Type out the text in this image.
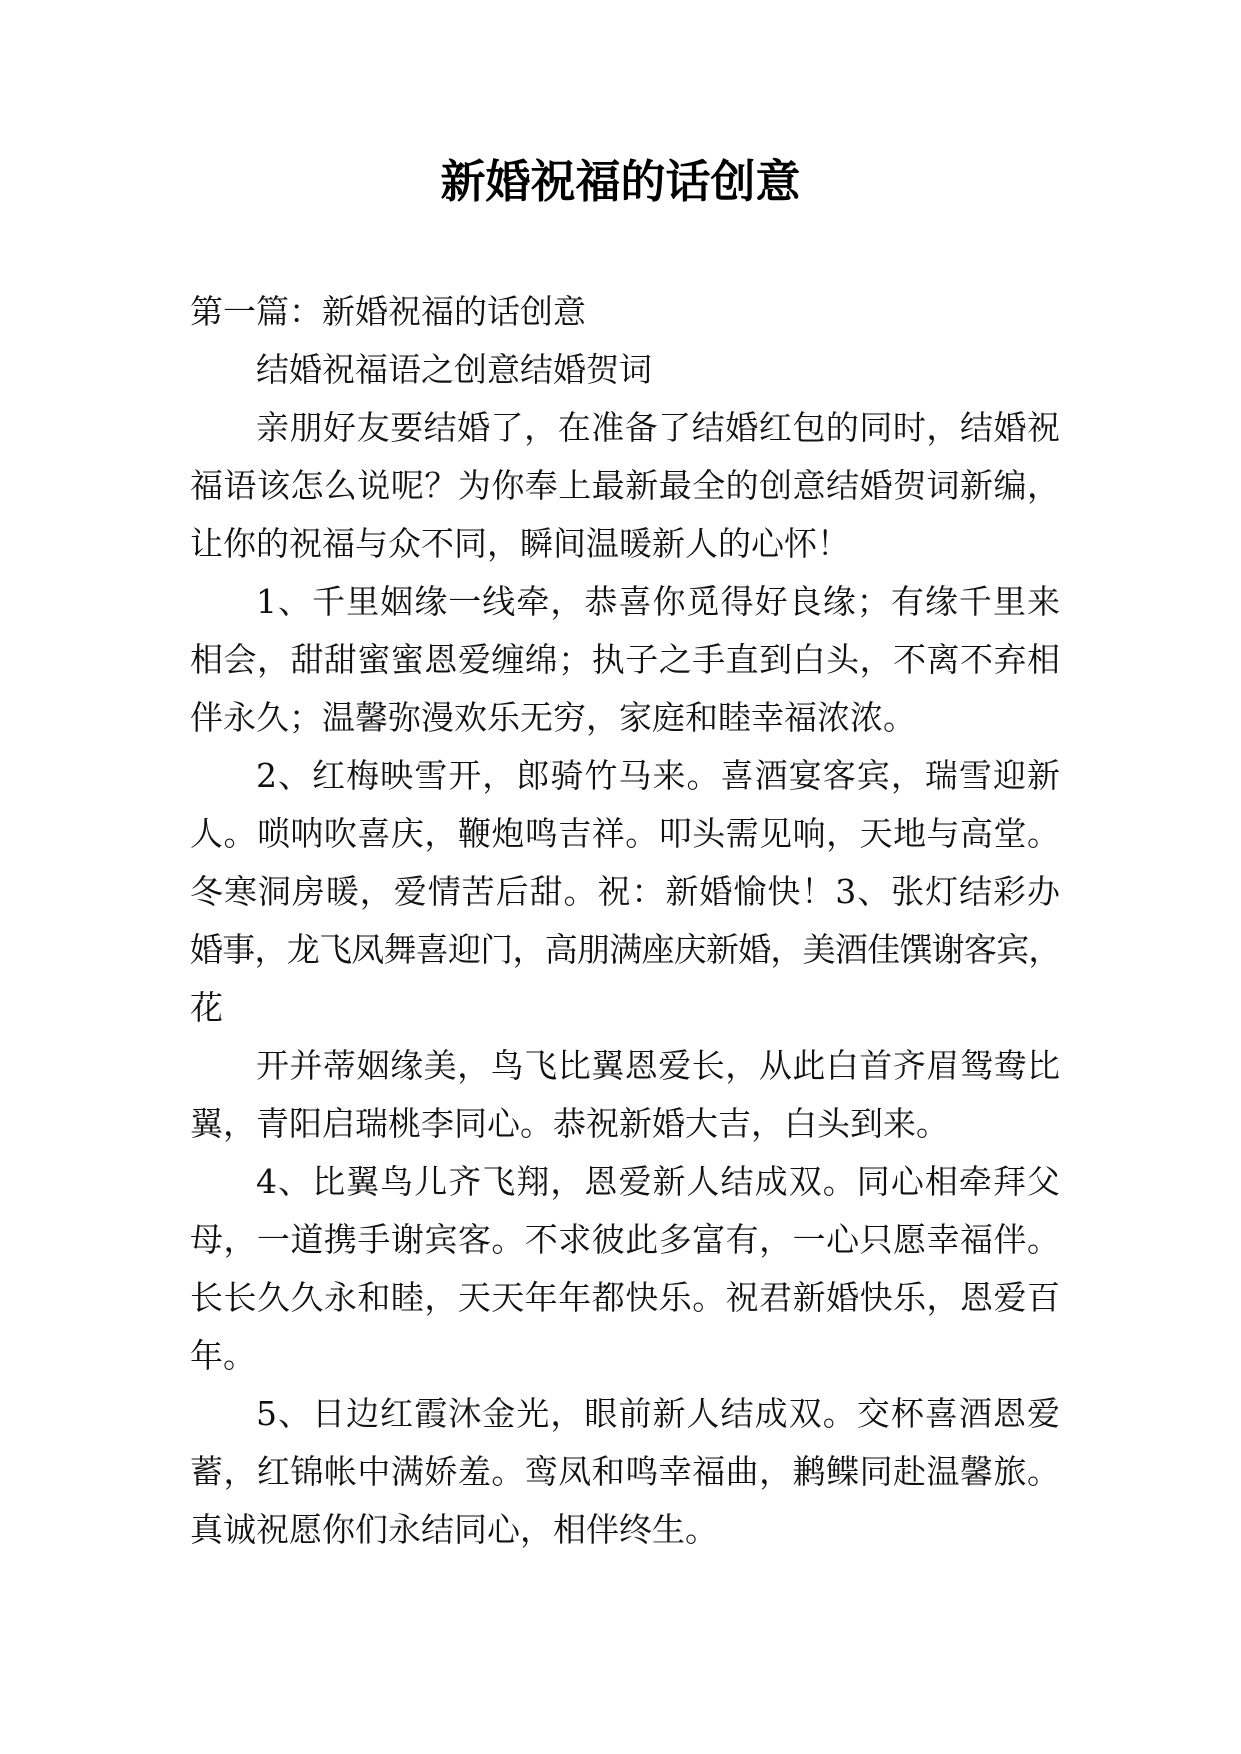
新婚祝福的话创意
第一篇：新婚祝福的话创意
结婚祝福语之创意结婚贺词
亲朋好友要结婚了，在准备了结婚红包的同时，结婚祝
福语该怎么说呢？为你奉上最新最全的创意结婚贺词新编，
让你的祝福与众不同，瞬间温暖新人的心怀！
1、千里姻缘一线牵，恭喜你觅得好良缘；有缘千里来
相会，甜甜蜜蜜恩爱缠绵；执子之手直到白头，不离不弃相
伴永久；温馨弥漫欢乐无穷，家庭和睦幸福浓浓。
2、红梅映雪开，郎骑竹马来。喜酒宴客宾，瑞雪迎新
人。唢呐吹喜庆，鞭炮鸣吉祥。叩头需见响，天地与高堂。
冬寒洞房暖，爱情苦后甜。祝：新婚愉快！3、张灯结彩办
婚事，龙飞凤舞喜迎门，高朋满座庆新婚，美酒佳馔谢客宾，
花
开并蒂姻缘美，鸟飞比翼恩爱长，从此白首齐眉鸳鸯比
翼，青阳启瑞桃李同心。恭祝新婚大吉，白头到来。
4、比翼鸟儿齐飞翔，恩爱新人结成双。同心相牵拜父
母，一道携手谢宾客。不求彼此多富有，一心只愿幸福伴。
长长久久永和睦，天天年年都快乐。祝君新婚快乐，恩爱百
年。
5、日边红霞沐金光，眼前新人结成双。交杯喜酒恩爱
蓄，红锦帐中满娇羞。鸾凤和鸣幸福曲，鹣鲽同赴温馨旅。
真诚祝愿你们永结同心，相伴终生。
